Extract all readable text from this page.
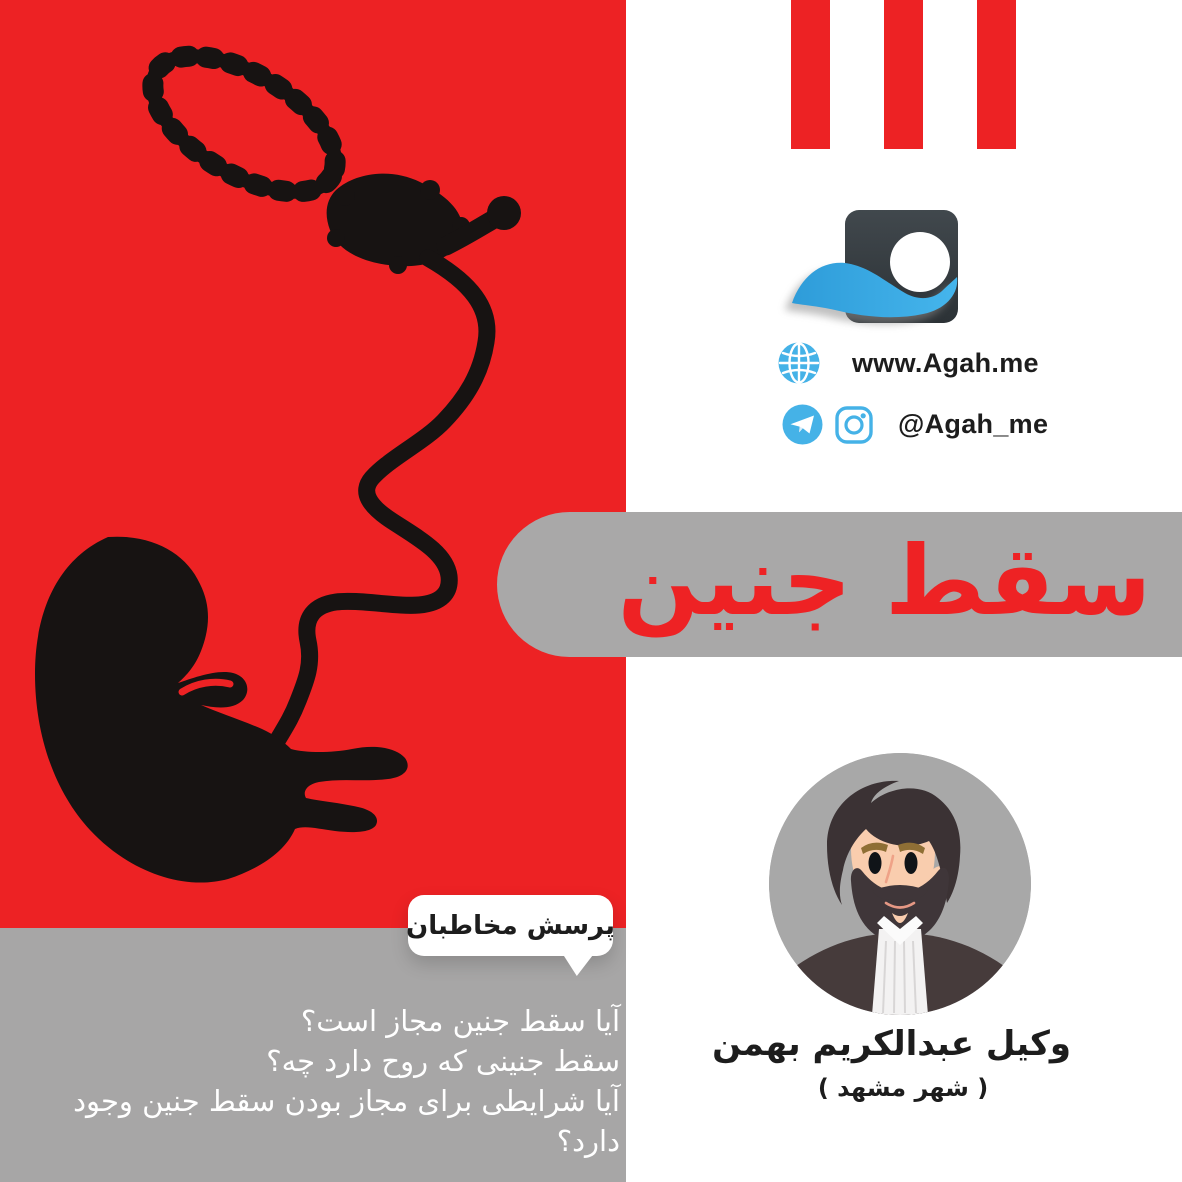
www.Agah.me
@Agah_me
سقط جنین
پرسش مخاطبان
آیا سقط جنین مجاز است؟
سقط جنینی که روح دارد چه؟
آیا شرایطی برای مجاز بودن سقط جنین وجود دارد؟
وکیل عبدالکریم بهمن
( شهر مشهد )
